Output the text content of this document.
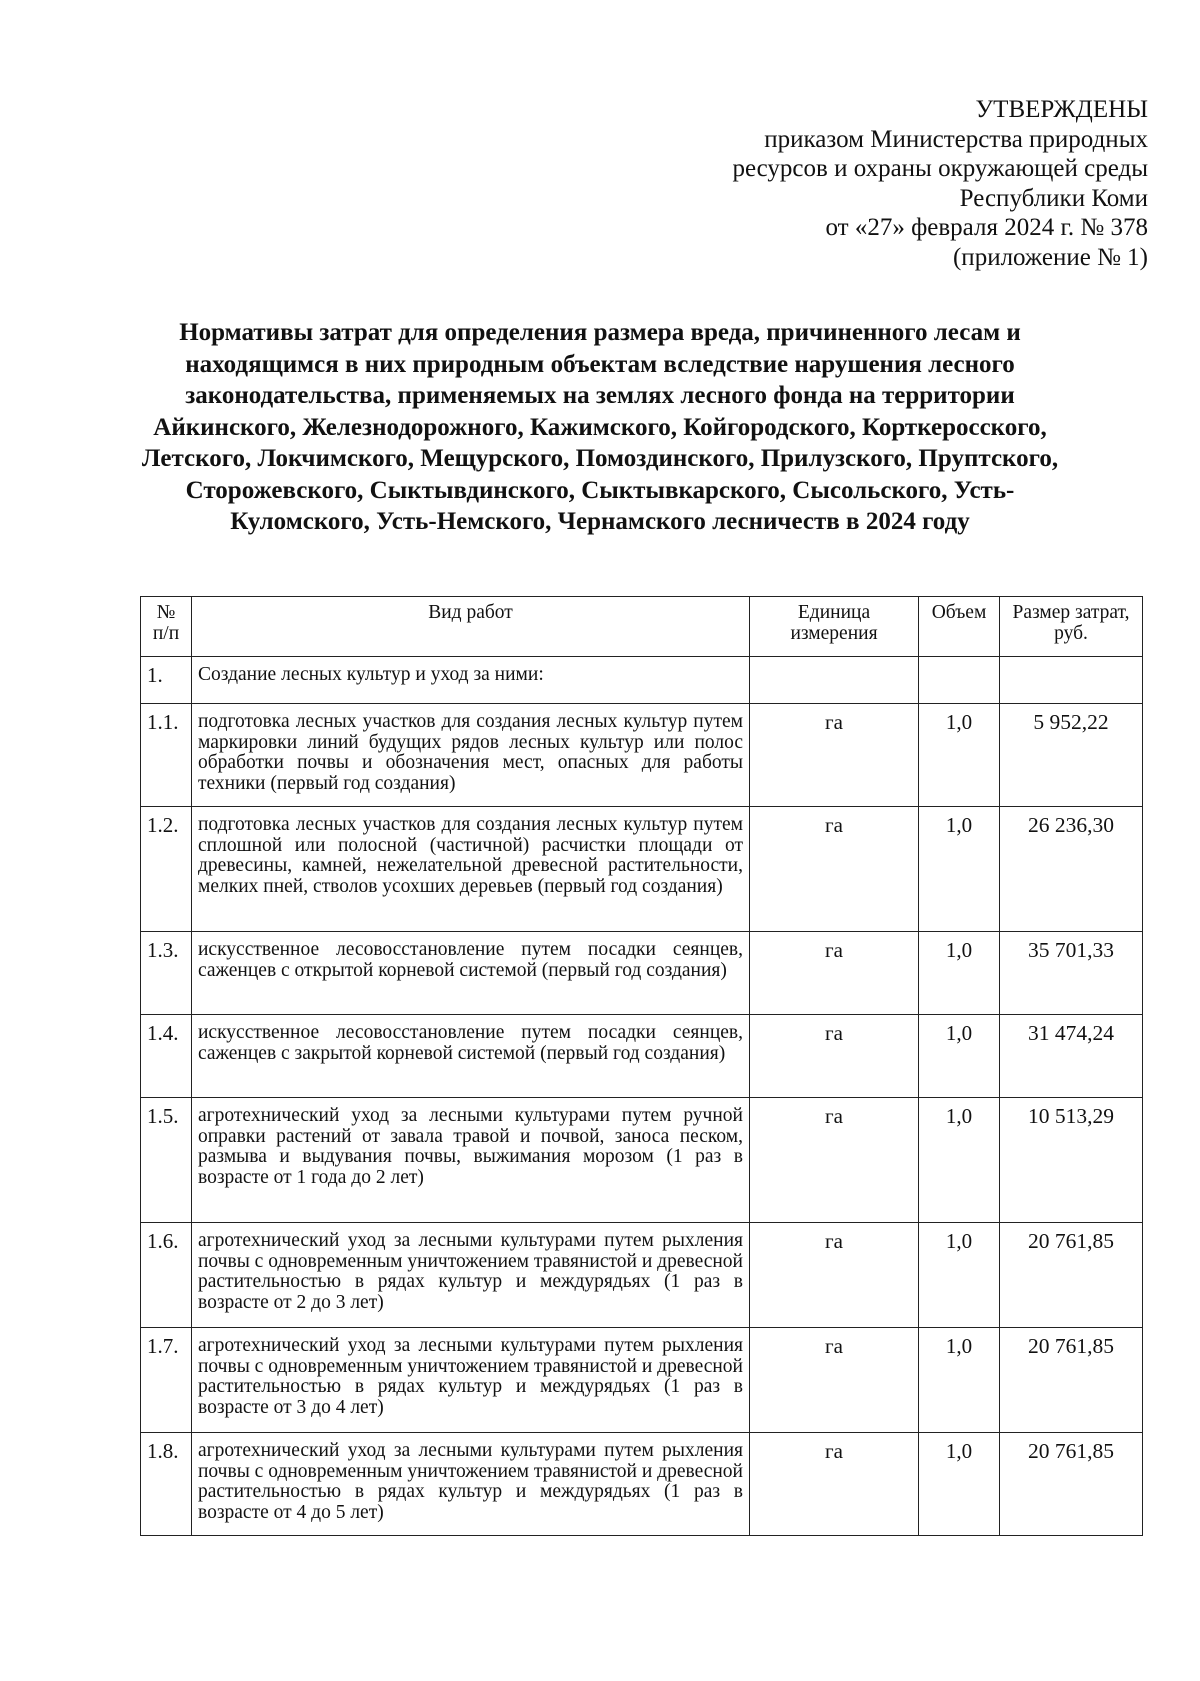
УТВЕРЖДЕНЫ
приказом Министерства природных
ресурсов и охраны окружающей среды
Республики Коми
от «27» февраля 2024 г. № 378
(приложение № 1)
Нормативы затрат для определения размера вреда, причиненного лесам и находящимся в них природным объектам вследствие нарушения лесного законодательства, применяемых на землях лесного фонда на территории Айкинского, Железнодорожного, Кажимского, Койгородского, Корткеросского, Летского, Локчимского, Мещурского, Помоздинского, Прилузского, Пруптского, Сторожевского, Сыктывдинского, Сыктывкарского, Сысольского, Усть-Куломского, Усть-Немского, Чернамского лесничеств в 2024 году
№ п/п	Вид работ	Единица измерения	Объем	Размер затрат, руб.
1.	Создание лесных культур и уход за ними:			
1.1.	подготовка лесных участков для создания лесных культур путем маркировки линий будущих рядов лесных культур или полос обработки почвы и обозначения мест, опасных для работы техники (первый год создания)	га	1,0	5 952,22
1.2.	подготовка лесных участков для создания лесных культур путем сплошной или полосной (частичной) расчистки площади от древесины, камней, нежелательной древесной растительности, мелких пней, стволов усохших деревьев (первый год создания)	га	1,0	26 236,30
1.3.	искусственное лесовосстановление путем посадки сеянцев, саженцев с открытой корневой системой (первый год создания)	га	1,0	35 701,33
1.4.	искусственное лесовосстановление путем посадки сеянцев, саженцев с закрытой корневой системой (первый год создания)	га	1,0	31 474,24
1.5.	агротехнический уход за лесными культурами путем ручной оправки растений от завала травой и почвой, заноса песком, размыва и выдувания почвы, выжимания морозом (1 раз в возрасте от 1 года до 2 лет)	га	1,0	10 513,29
1.6.	агротехнический уход за лесными культурами путем рыхления почвы с одновременным уничтожением травянистой и древесной растительностью в рядах культур и междурядьях (1 раз в возрасте от 2 до 3 лет)	га	1,0	20 761,85
1.7.	агротехнический уход за лесными культурами путем рыхления почвы с одновременным уничтожением травянистой и древесной растительностью в рядах культур и междурядьях (1 раз в возрасте от 3 до 4 лет)	га	1,0	20 761,85
1.8.	агротехнический уход за лесными культурами путем рыхления почвы с одновременным уничтожением травянистой и древесной растительностью в рядах культур и междурядьях (1 раз в возрасте от 4 до 5 лет)	га	1,0	20 761,85
